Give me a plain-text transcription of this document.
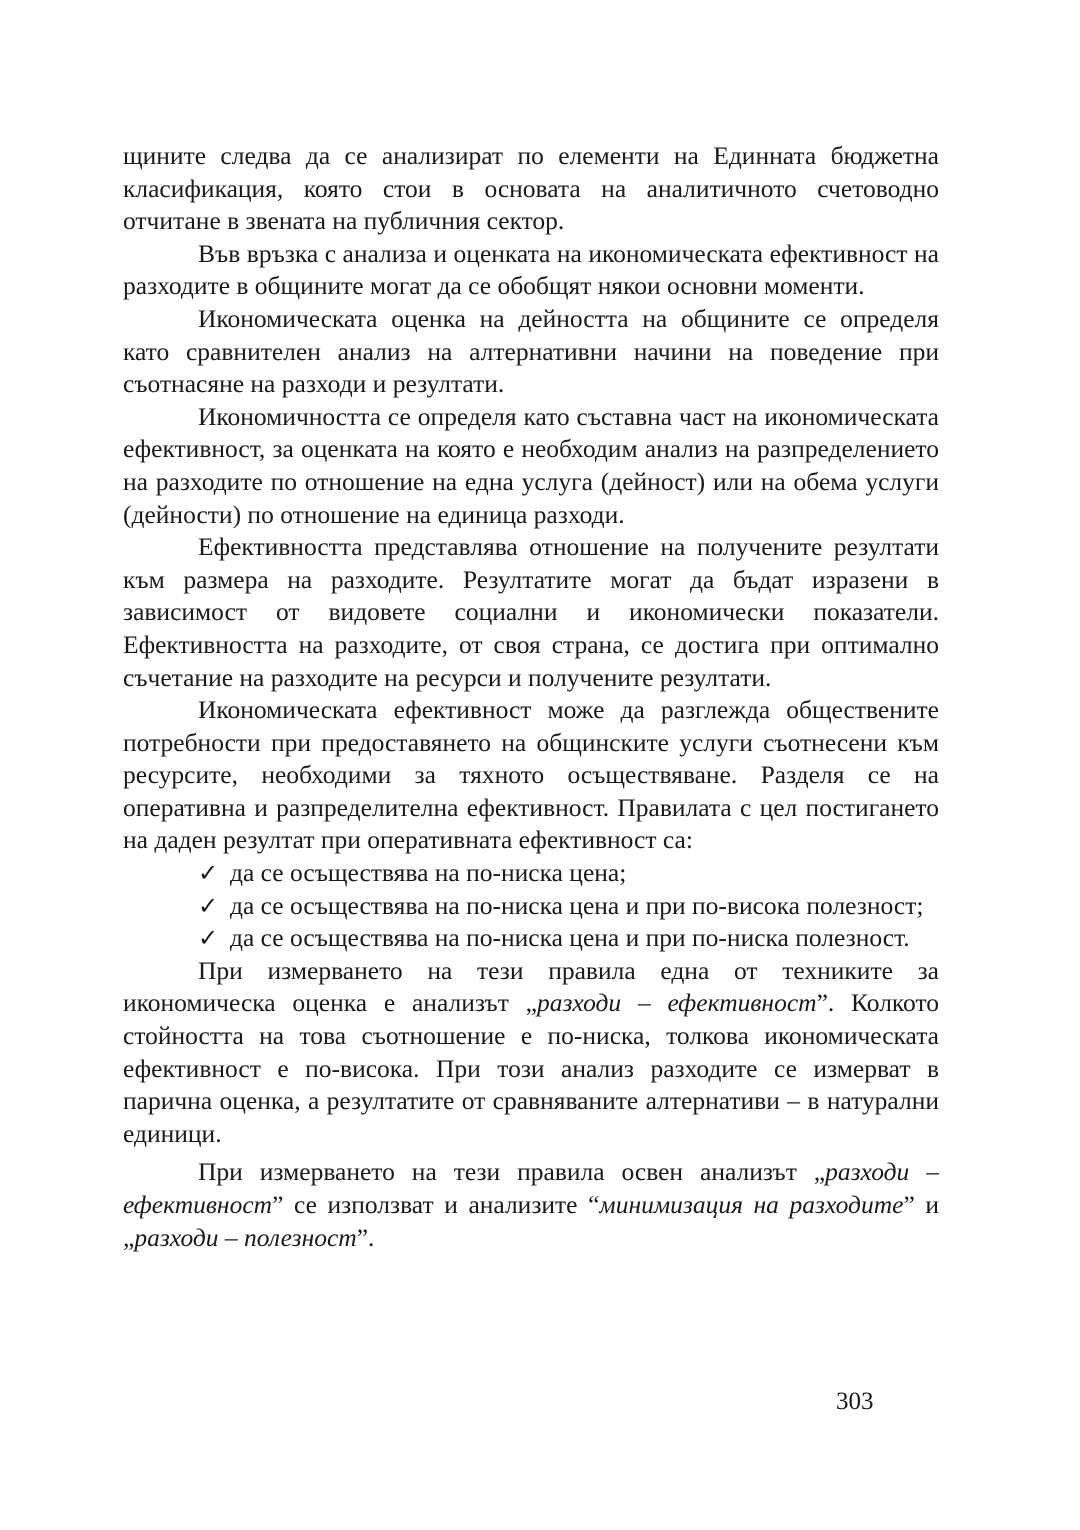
щините следва да се анализират по елементи на Единната бюджетна класификация, която стои в основата на аналитичното счетоводно отчитане в звената на публичния сектор.

Във връзка с анализа и оценката на икономическата ефективност на разходите в общините могат да се обобщят някои основни моменти.

Икономическата оценка на дейността на общините се определя като сравнителен анализ на алтернативни начини на поведение при съотнасяне на разходи и резултати.

Икономичността се определя като съставна част на икономическата ефективност, за оценката на която е необходим анализ на разпределението на разходите по отношение на една услуга (дейност) или на обема услуги (дейности) по отношение на единица разходи.

Ефективността представлява отношение на получените резултати към размера на разходите. Резултатите могат да бъдат изразени в зависимост от видовете социални и икономически показатели. Ефективността на разходите, от своя страна, се достига при оптимално съчетание на разходите на ресурси и получените резултати.

Икономическата ефективност може да разглежда обществените потребности при предоставянето на общинските услуги съотнесени към ресурсите, необходими за тяхното осъществяване. Разделя се на оперативна и разпределителна ефективност. Правилата с цел постигането на даден резултат при оперативната ефективност са:

✓ да се осъществява на по-ниска цена;
✓ да се осъществява на по-ниска цена и при по-висока полезност;
✓ да се осъществява на по-ниска цена и при по-ниска полезност.

При измерването на тези правила една от техниките за икономическа оценка е анализът „разходи – ефективност”. Колкото стойността на това съотношение е по-ниска, толкова икономическата ефективност е по-висока. При този анализ разходите се измерват в парична оценка, а резултатите от сравняваните алтернативи – в натурални единици.

При измерването на тези правила освен анализът „разходи – ефективност” се използват и анализите “минимизация на разходите” и „разходи – полезност”.

303
